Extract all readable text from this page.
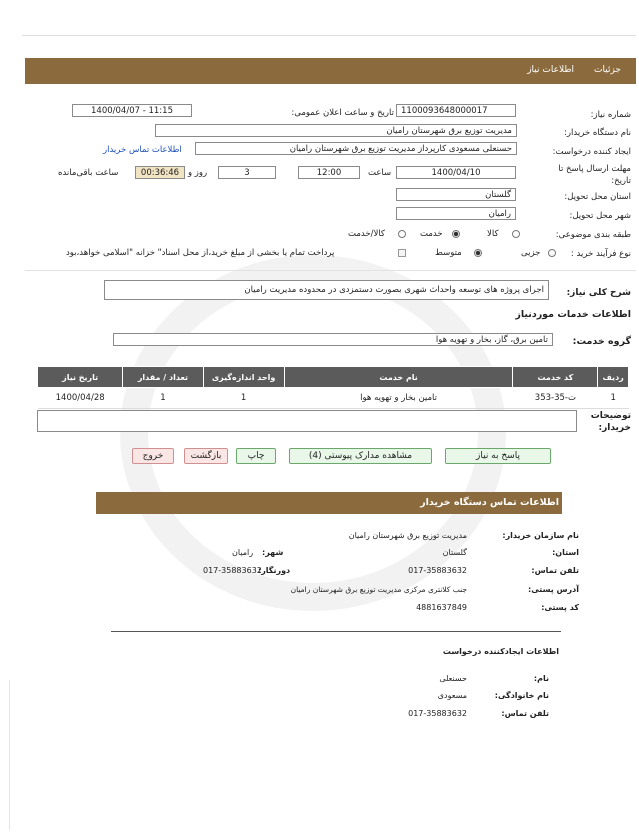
جزئیات
اطلاعات نیاز
شماره نیاز:
1100093648000017
تاریخ و ساعت اعلان عمومی:
1400/04/07 - 11:15
نام دستگاه خریدار:
مدیریت توزیع برق شهرستان رامیان
ایجاد کننده درخواست:
حسنعلی مسعودی کارپرداز مدیریت توزیع برق شهرستان رامیان
اطلاعات تماس خریدار
مهلت ارسال پاسخ تا تاریخ:
1400/04/10
ساعت
12:00
3
روز و
00:36:46
ساعت باقی‌مانده
استان محل تحویل:
گلستان
شهر محل تحویل:
رامیان
طبقه بندی موضوعی:
کالا
خدمت
کالا/خدمت
نوع فرآیند خرید :
جزیی
متوسط
پرداخت تمام یا بخشی از مبلغ خرید،از محل اسناد" خزانه "اسلامی خواهد،بود
شرح کلی نیاز:
اجرای پروژه های توسعه واحداث شهری بصورت دستمزدی در محدوده مدیریت رامیان
اطلاعات خدمات موردنیاز
گروه خدمت:
تامین برق، گاز، بخار و تهویه هوا
ردیف	کد خدمت	نام خدمت	واحد اندازه‌گیری	تعداد / مقدار	تاریخ نیاز
1	ت-35-353	تامین بخار و تهویه هوا	1	1	1400/04/28
توضیحات خریدار:
پاسخ به نیاز
مشاهده مدارک پیوستی (4)
چاپ
بازگشت
خروج
اطلاعات تماس دستگاه خریدار
نام سازمان خریدار:
مدیریت توزیع برق شهرستان رامیان
استان:
گلستان
شهر:
رامیان
تلفن تماس:
017-35883632
دورنگار:
017-35883632
آدرس پستی:
جنب کلانتری مرکزی مدیریت توزیع برق شهرستان رامیان
کد پستی:
4881637849
اطلاعات ایجادکننده درخواست
نام:
حسنعلی
نام خانوادگی:
مسعودی
تلفن تماس:
017-35883632
